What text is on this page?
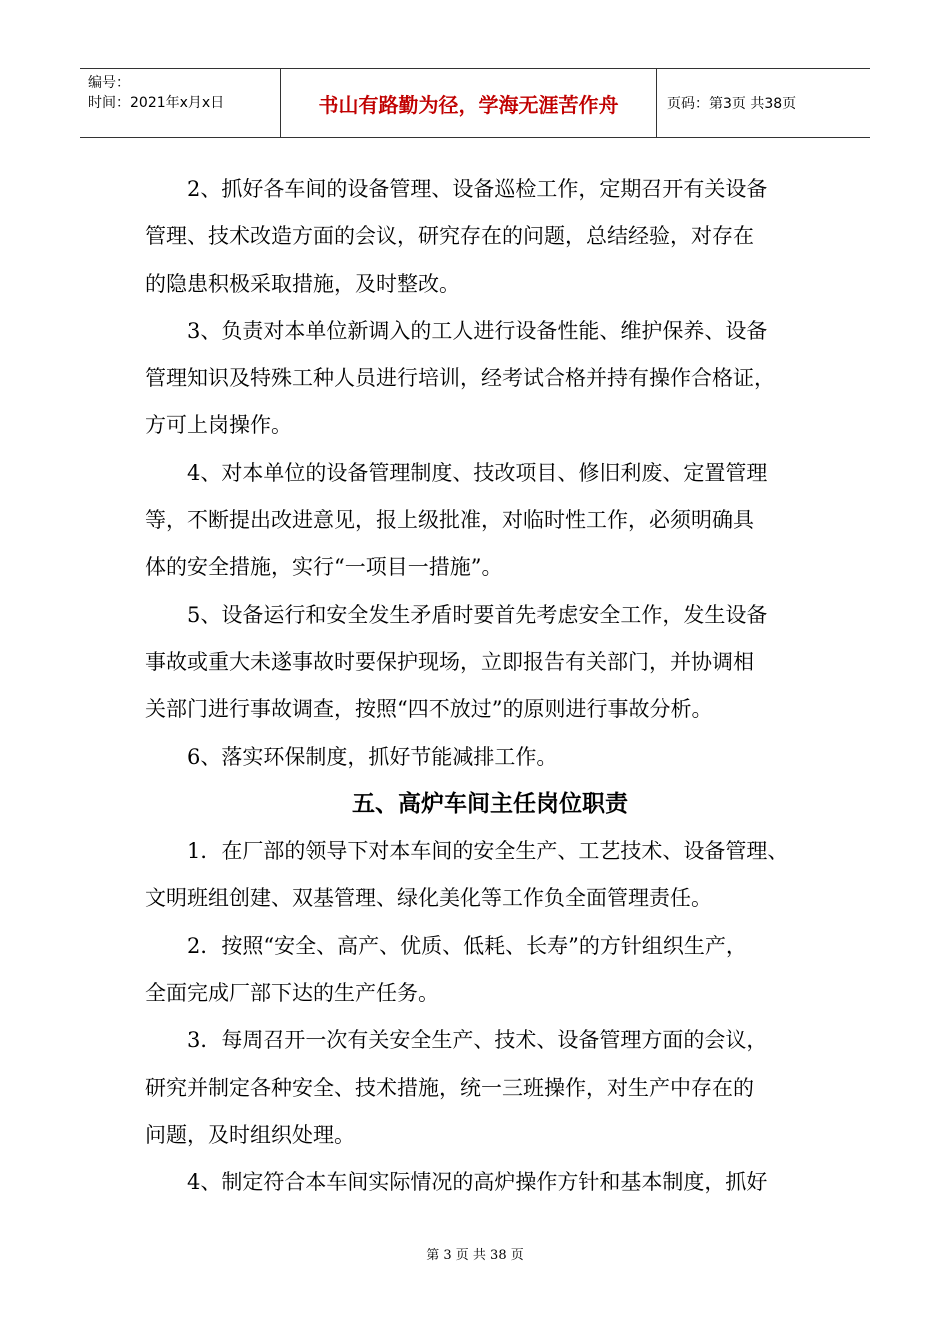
编号：
时间：2021年x月x日	书山有路勤为径，学海无涯苦作舟	页码：第3页 共38页
2、抓好各车间的设备管理、设备巡检工作，定期召开有关设备
管理、技术改造方面的会议，研究存在的问题，总结经验，对存在
的隐患积极采取措施，及时整改。
3、负责对本单位新调入的工人进行设备性能、维护保养、设备
管理知识及特殊工种人员进行培训，经考试合格并持有操作合格证，
方可上岗操作。
4、对本单位的设备管理制度、技改项目、修旧利废、定置管理
等，不断提出改进意见，报上级批准，对临时性工作，必须明确具
体的安全措施，实行“一项目一措施”。
5、设备运行和安全发生矛盾时要首先考虑安全工作，发生设备
事故或重大未遂事故时要保护现场，立即报告有关部门，并协调相
关部门进行事故调查，按照“四不放过”的原则进行事故分析。
6、落实环保制度，抓好节能减排工作。
五、高炉车间主任岗位职责
1．在厂部的领导下对本车间的安全生产、工艺技术、设备管理、
文明班组创建、双基管理、绿化美化等工作负全面管理责任。
2．按照“安全、高产、优质、低耗、长寿”的方针组织生产，
全面完成厂部下达的生产任务。
3．每周召开一次有关安全生产、技术、设备管理方面的会议，
研究并制定各种安全、技术措施，统一三班操作，对生产中存在的
问题，及时组织处理。
4、制定符合本车间实际情况的高炉操作方针和基本制度，抓好
第 3 页 共 38 页
